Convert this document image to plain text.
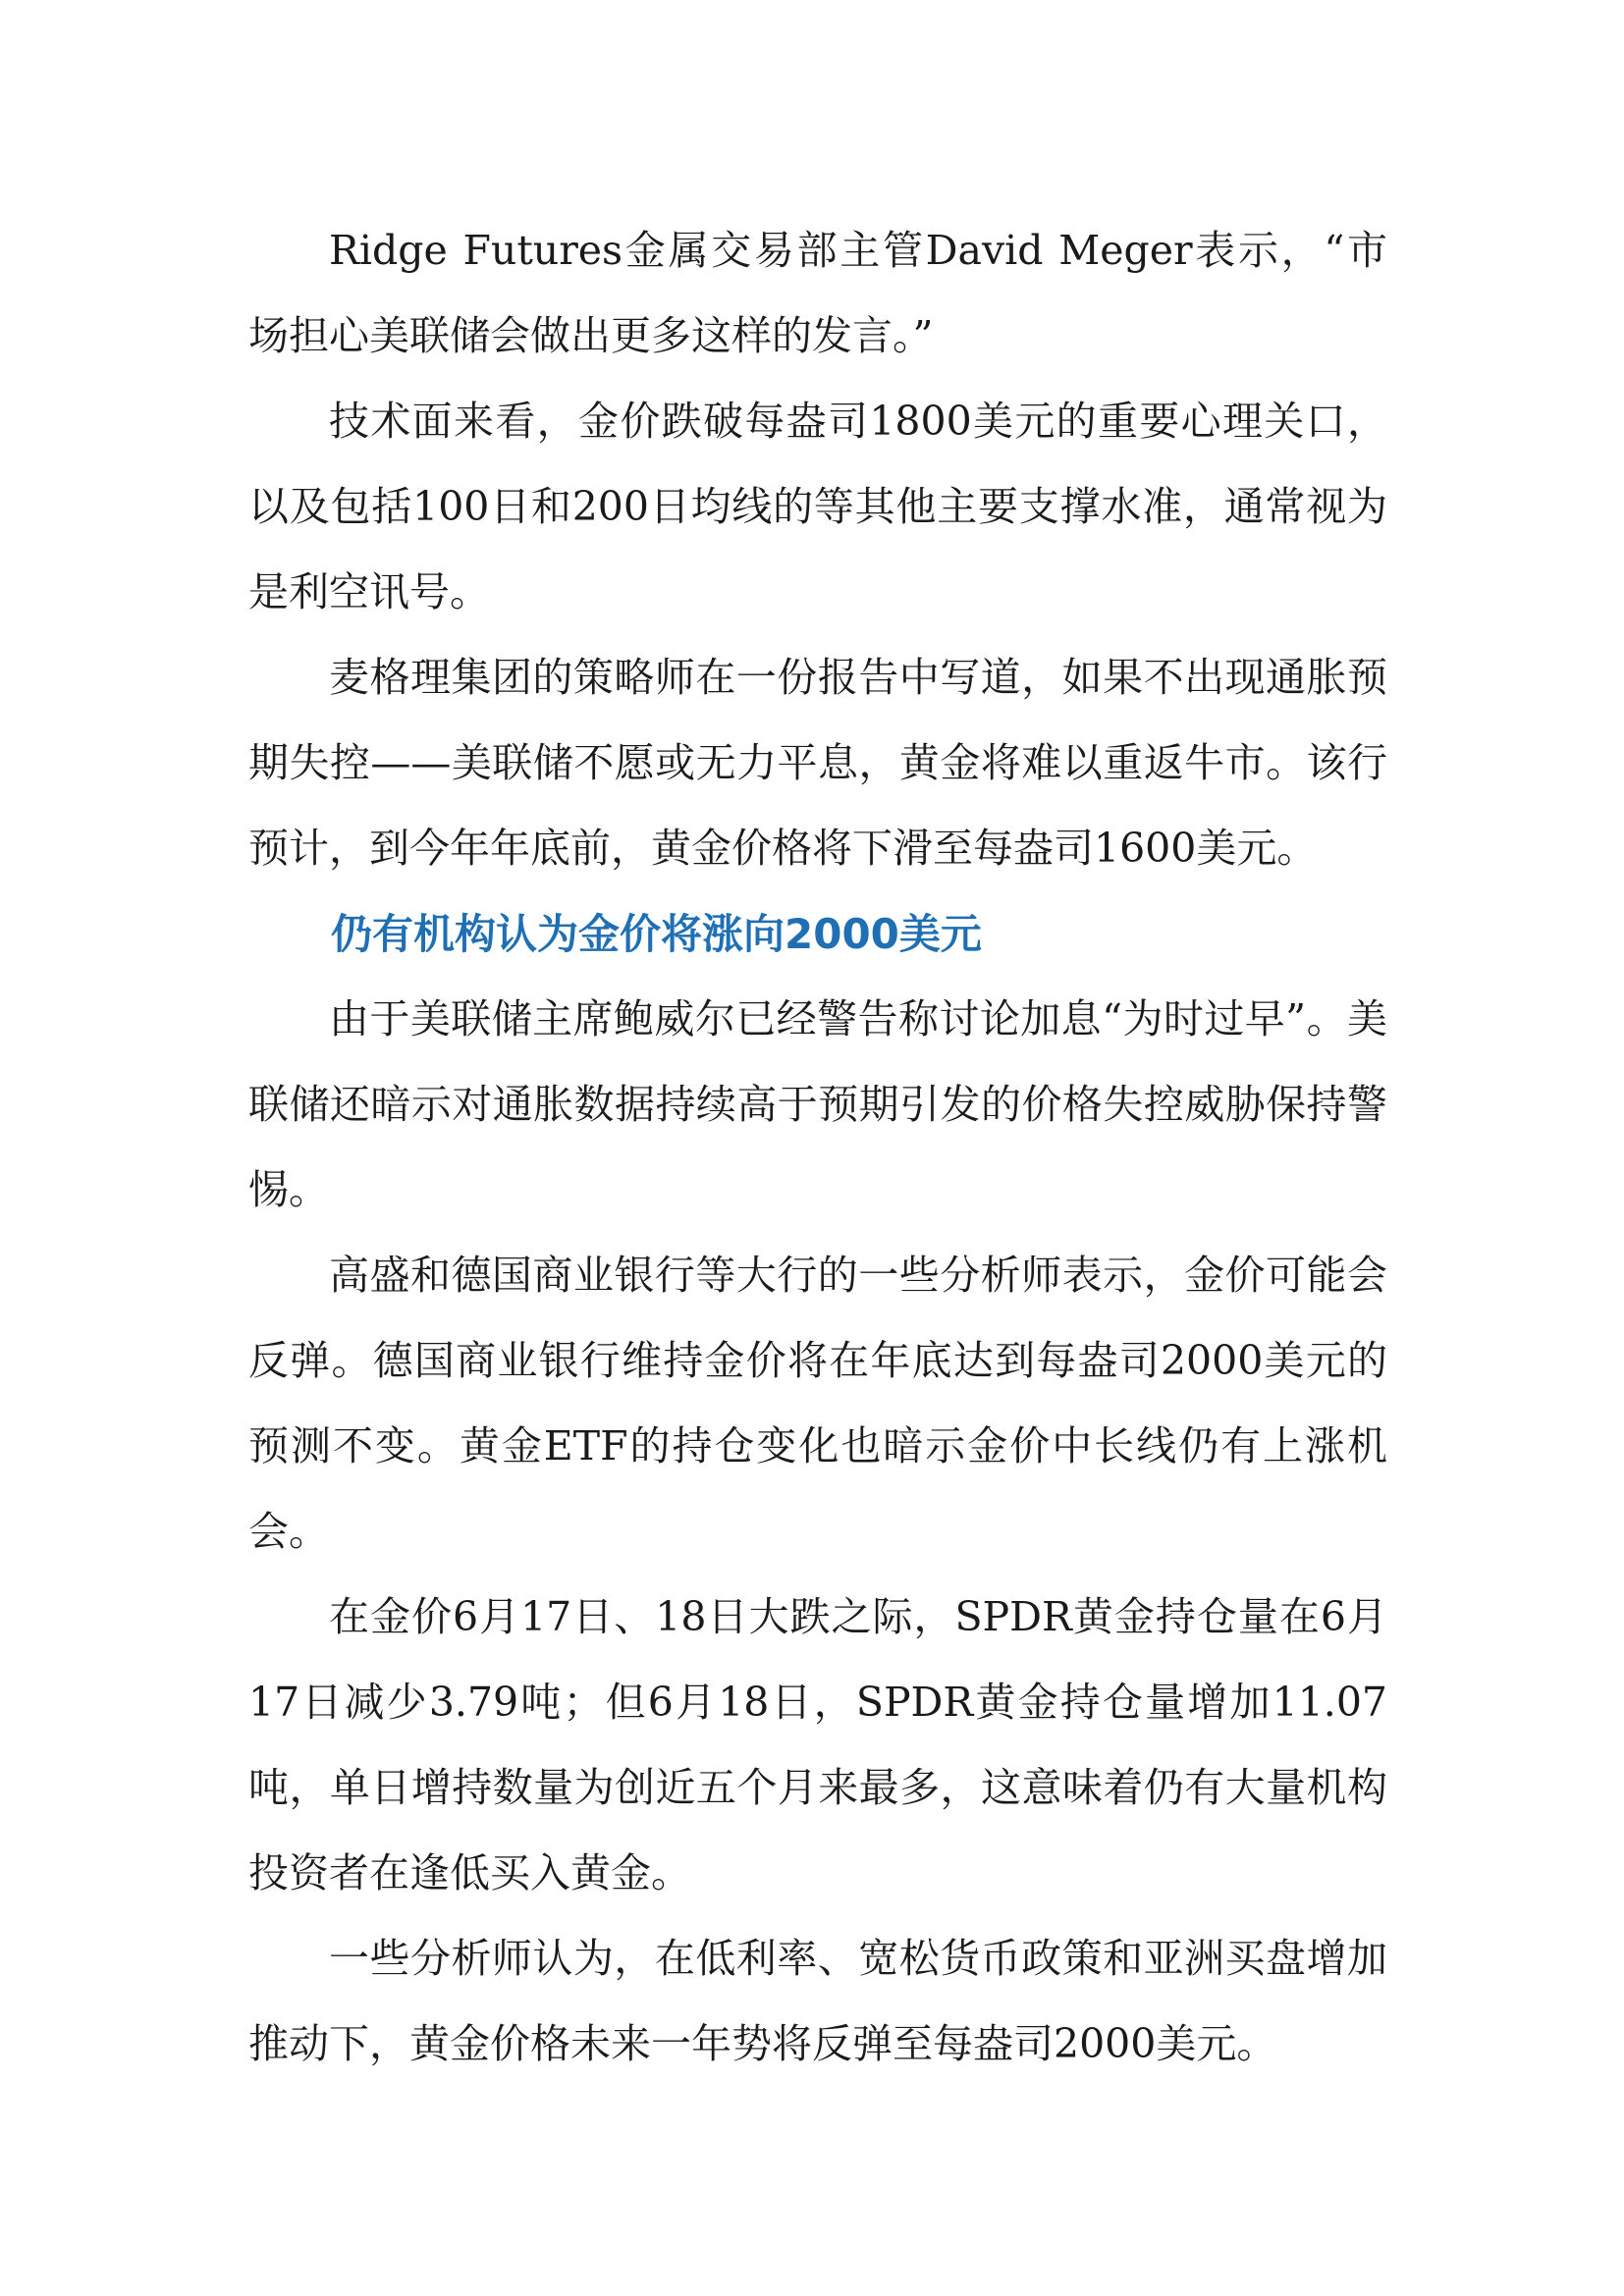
Ridge Futures金属交易部主管David Meger表示，“市场担心美联储会做出更多这样的发言。”

技术面来看，金价跌破每盎司1800美元的重要心理关口，以及包括100日和200日均线的等其他主要支撑水准，通常视为是利空讯号。

麦格理集团的策略师在一份报告中写道，如果不出现通胀预期失控——美联储不愿或无力平息，黄金将难以重返牛市。该行预计，到今年年底前，黄金价格将下滑至每盎司1600美元。

仍有机构认为金价将涨向2000美元

由于美联储主席鲍威尔已经警告称讨论加息“为时过早”。美联储还暗示对通胀数据持续高于预期引发的价格失控威胁保持警惕。

高盛和德国商业银行等大行的一些分析师表示，金价可能会反弹。德国商业银行维持金价将在年底达到每盎司2000美元的预测不变。黄金ETF的持仓变化也暗示金价中长线仍有上涨机会。

在金价6月17日、18日大跌之际，SPDR黄金持仓量在6月17日减少3.79吨；但6月18日，SPDR黄金持仓量增加11.07吨，单日增持数量为创近五个月来最多，这意味着仍有大量机构投资者在逢低买入黄金。

一些分析师认为，在低利率、宽松货币政策和亚洲买盘增加推动下，黄金价格未来一年势将反弹至每盎司2000美元。
